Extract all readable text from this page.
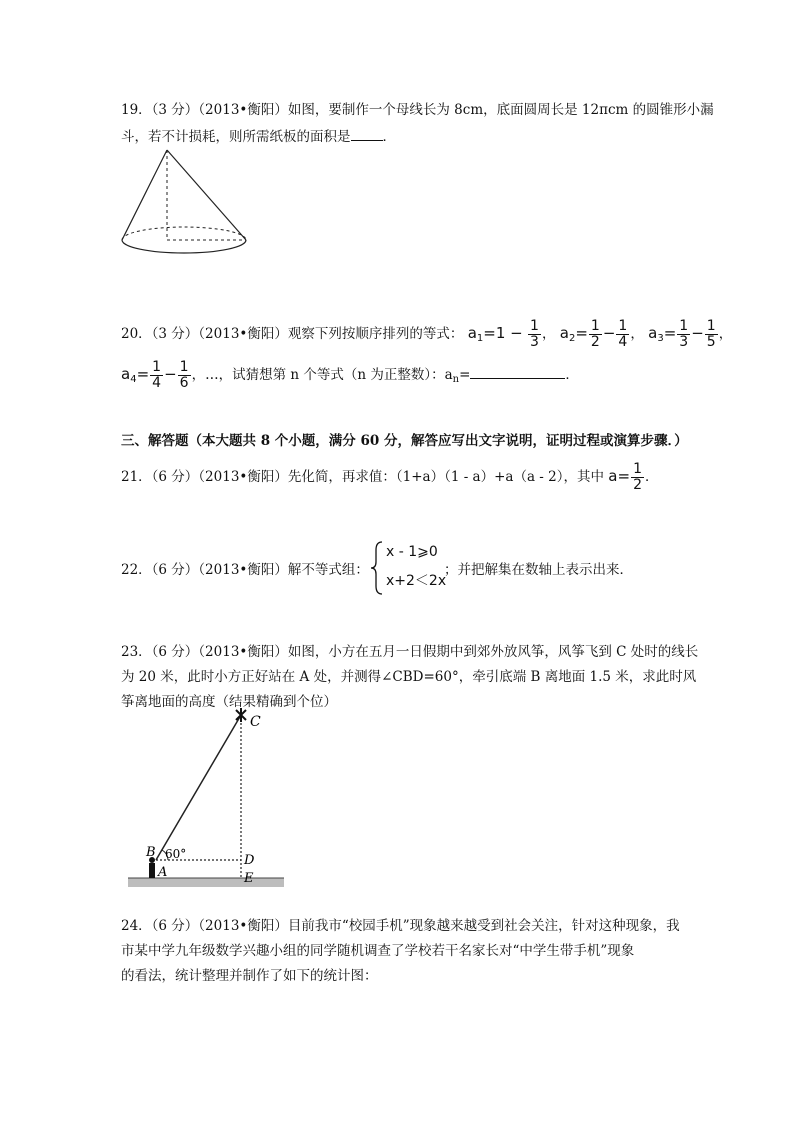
19．（3 分）（2013•衡阳）如图，要制作一个母线长为 8cm，底面圆周长是 12πcm 的圆锥形小漏
斗，若不计损耗，则所需纸板的面积是 ．
20．（3 分）（2013•衡阳）观察下列按顺序排列的等式： $a_1=1 - \frac{1}{3}$ ， $a_2= \frac{1}{2} - \frac{1}{4}$ ， $a_3= \frac{1}{3} - \frac{1}{5}$ ，
$a_4= \frac{1}{4} - \frac{1}{6}$ ，…，试猜想第 n 个等式（n 为正整数）：$a_n=$	．
三、解答题（本大题共 8 个小题，满分 60 分，解答应写出文字说明，证明过程或演算步骤．）
21．（6 分）（2013•衡阳）先化简，再求值：（1+a）（1 - a）+a（a - 2），其中 $a= \frac{1}{2}$ ．
22．（6 分）（2013•衡阳）解不等式组：
x - 1⩾0
x+2＜2x
；并把解集在数轴上表示出来．
23．（6 分）（2013•衡阳）如图，小方在五月一日假期中到郊外放风筝，风筝飞到 C 处时的线长
为 20 米，此时小方正好站在 A 处，并测得∠CBD=60°，牵引底端 B 离地面 1.5 米，求此时风
筝离地面的高度（结果精确到个位）
C
B
A
D
E
60°
24．（6 分）（2013•衡阳）目前我市“校园手机”现象越来越受到社会关注，针对这种现象，我
市某中学九年级数学兴趣小组的同学随机调查了学校若干名家长对“中学生带手机”现象
的看法，统计整理并制作了如下的统计图：
